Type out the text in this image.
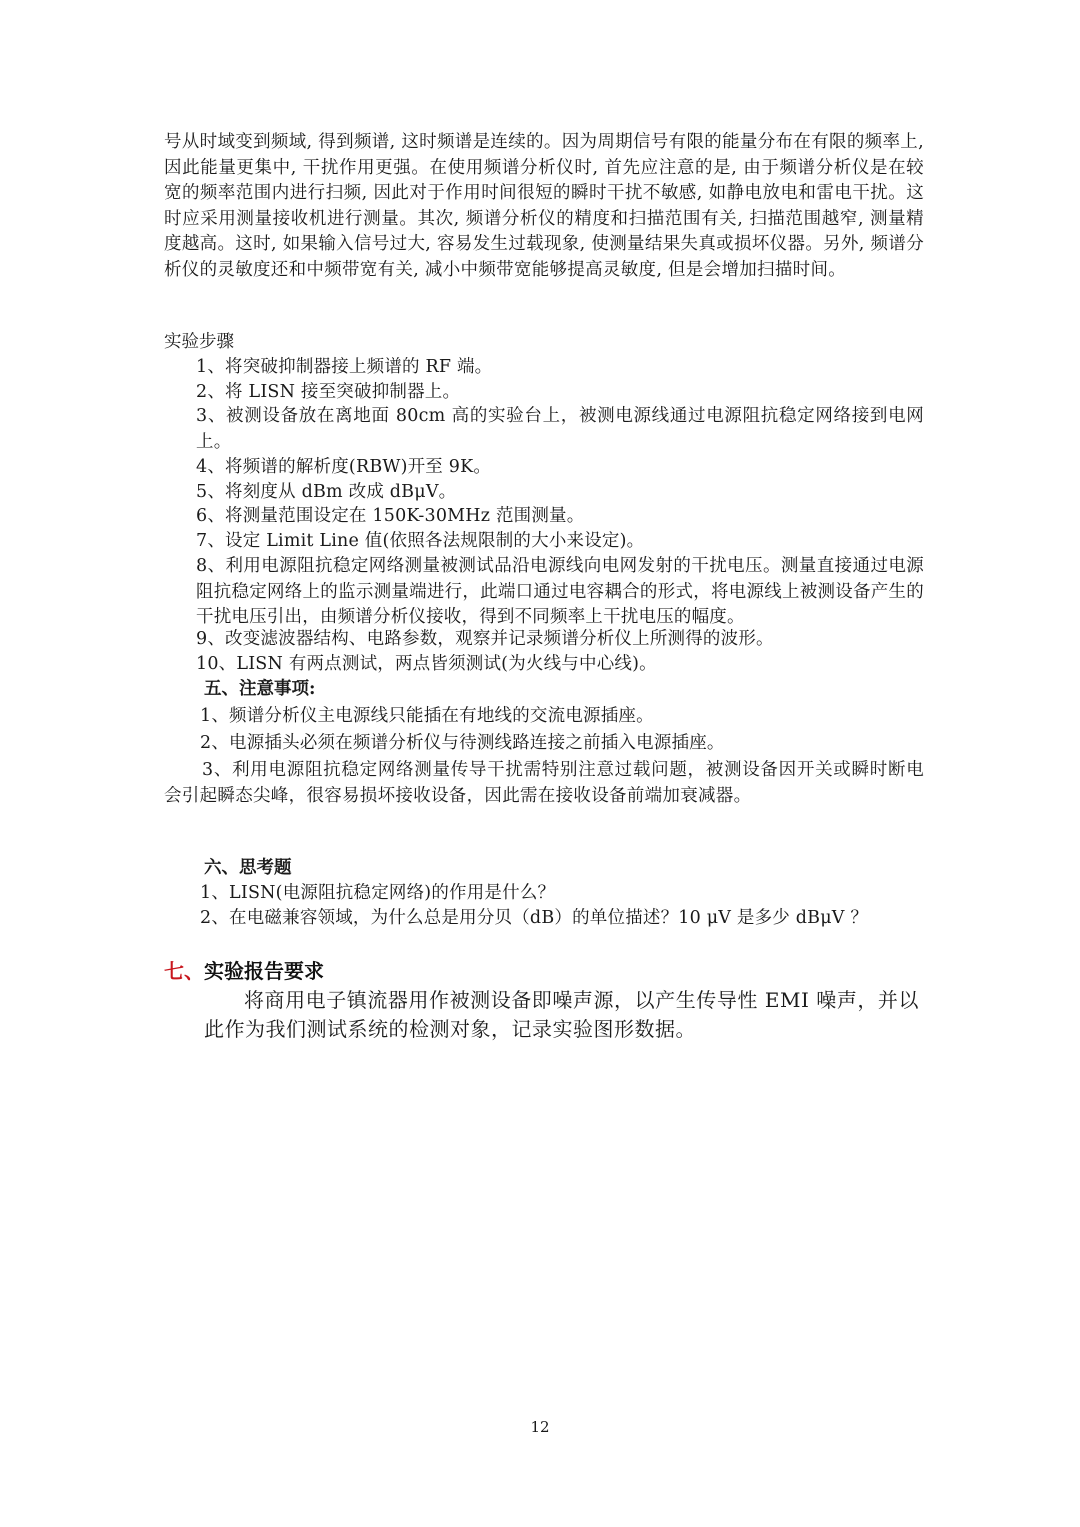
号从时域变到频域, 得到频谱, 这时频谱是连续的。因为周期信号有限的能量分布在有限的频率上, 因此能量更集中, 干扰作用更强。在使用频谱分析仪时, 首先应注意的是, 由于频谱分析仪是在较宽的频率范围内进行扫频, 因此对于作用时间很短的瞬时干扰不敏感, 如静电放电和雷电干扰。这时应采用测量接收机进行测量。其次, 频谱分析仪的精度和扫描范围有关, 扫描范围越窄, 测量精度越高。这时, 如果输入信号过大, 容易发生过载现象, 使测量结果失真或损坏仪器。另外, 频谱分析仪的灵敏度还和中频带宽有关, 减小中频带宽能够提高灵敏度, 但是会增加扫描时间。

实验步骤

1、将突破抑制器接上频谱的 RF 端。

2、将 LISN 接至突破抑制器上。

3、被测设备放在离地面 80cm 高的实验台上，被测电源线通过电源阻抗稳定网络接到电网上。

4、将频谱的解析度(RBW)开至 9K。

5、将刻度从 dBm 改成 dBμV。

6、将测量范围设定在 150K-30MHz 范围测量。

7、设定 Limit Line 值(依照各法规限制的大小来设定)。

8、利用电源阻抗稳定网络测量被测试品沿电源线向电网发射的干扰电压。测量直接通过电源阻抗稳定网络上的监示测量端进行，此端口通过电容耦合的形式，将电源线上被测设备产生的干扰电压引出，由频谱分析仪接收，得到不同频率上干扰电压的幅度。

9、改变滤波器结构、电路参数，观察并记录频谱分析仪上所测得的波形。

10、LISN 有两点测试，两点皆须测试(为火线与中心线)。

五、注意事项:

1、频谱分析仪主电源线只能插在有地线的交流电源插座。

2、电源插头必须在频谱分析仪与待测线路连接之前插入电源插座。

3、利用电源阻抗稳定网络测量传导干扰需特别注意过载问题，被测设备因开关或瞬时断电会引起瞬态尖峰，很容易损坏接收设备，因此需在接收设备前端加衰减器。

六、思考题

1、LISN(电源阻抗稳定网络)的作用是什么？

2、在电磁兼容领域，为什么总是用分贝（dB）的单位描述？10 μV 是多少 dBμV ？

七、实验报告要求

将商用电子镇流器用作被测设备即噪声源，以产生传导性 EMI 噪声，并以此作为我们测试系统的检测对象，记录实验图形数据。

12
